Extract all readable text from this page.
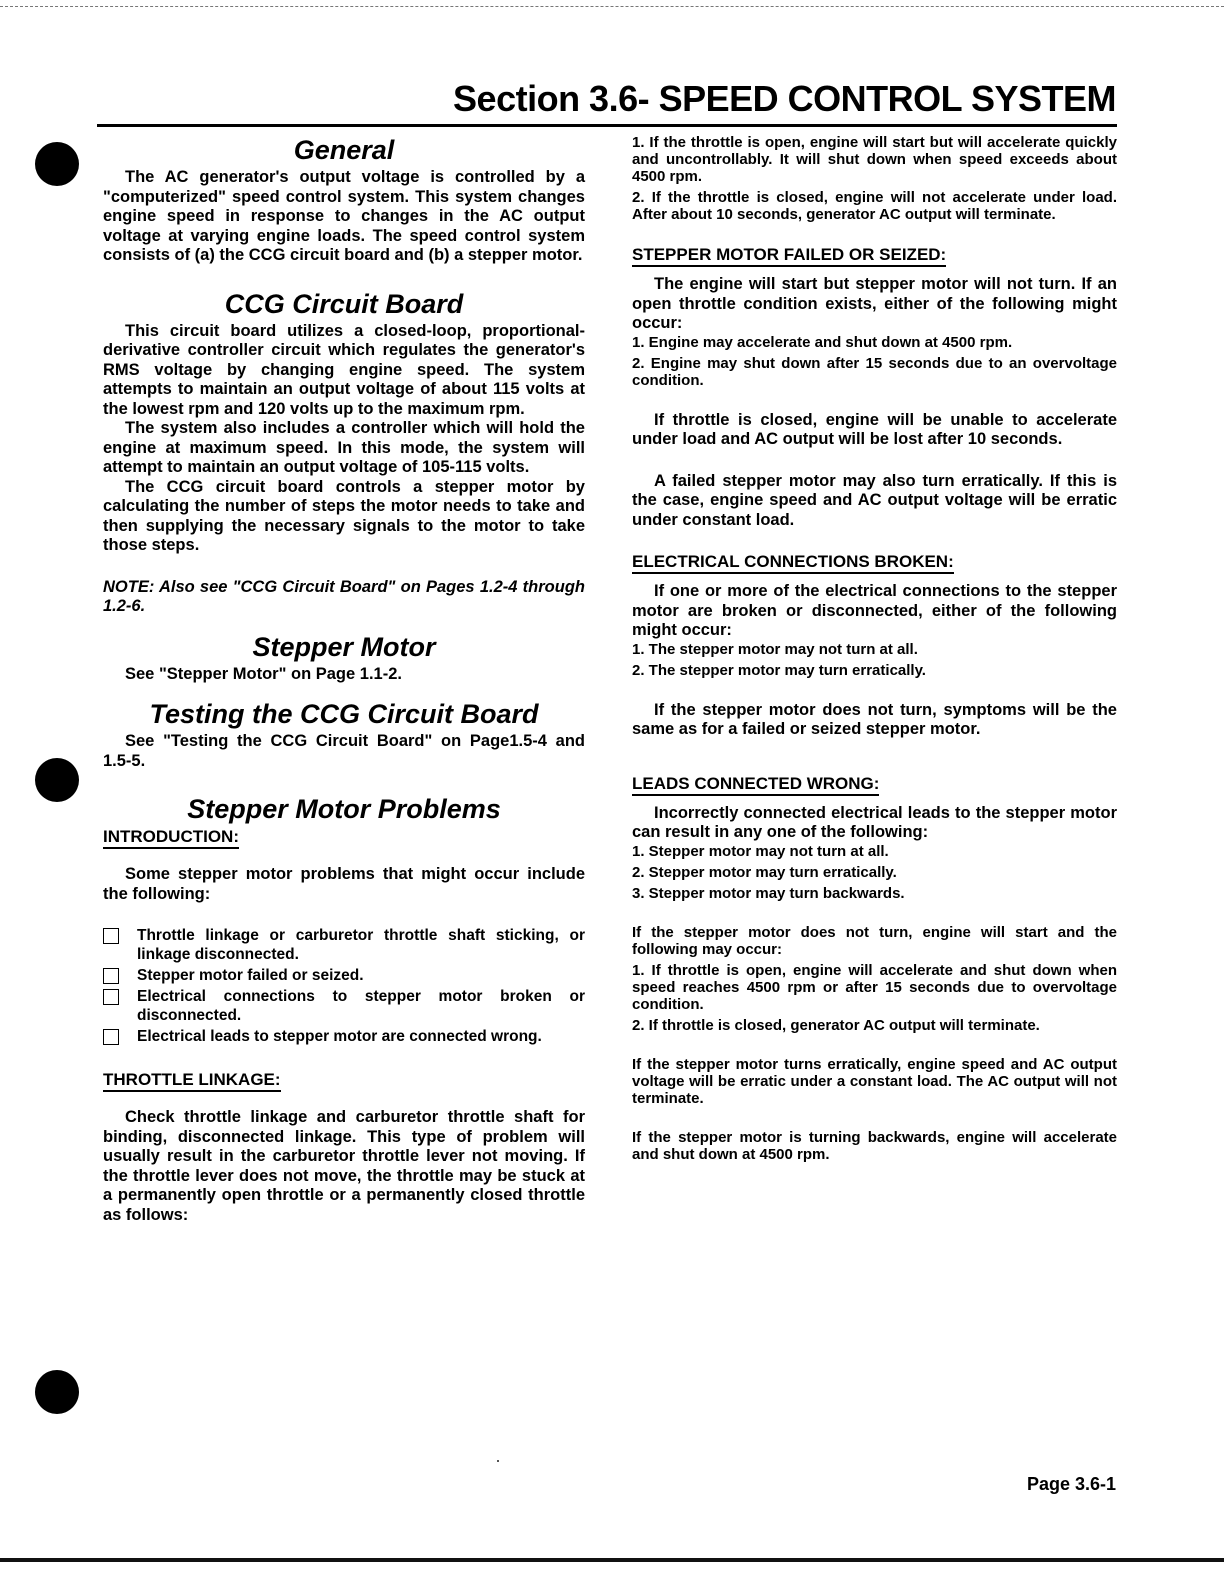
Section 3.6- SPEED CONTROL SYSTEM
General

The AC generator's output voltage is controlled by a "computerized" speed control system. This system changes engine speed in response to changes in the AC output voltage at varying engine loads. The speed control system consists of (a) the CCG circuit board and (b) a stepper motor.

CCG Circuit Board

This circuit board utilizes a closed-loop, proportional-derivative controller circuit which regulates the generator's RMS voltage by changing engine speed. The system attempts to maintain an output voltage of about 115 volts at the lowest rpm and 120 volts up to the maximum rpm.

The system also includes a controller which will hold the engine at maximum speed. In this mode, the system will attempt to maintain an output voltage of 105-115 volts.

The CCG circuit board controls a stepper motor by calculating the number of steps the motor needs to take and then supplying the necessary signals to the motor to take those steps.

NOTE: Also see "CCG Circuit Board" on Pages 1.2-4 through 1.2-6.

Stepper Motor

See "Stepper Motor" on Page 1.1-2.

Testing the CCG Circuit Board

See "Testing the CCG Circuit Board" on Page1.5-4 and 1.5-5.

Stepper Motor Problems
INTRODUCTION:

Some stepper motor problems that might occur include the following:

Throttle linkage or carburetor throttle shaft sticking, or linkage disconnected.
Stepper motor failed or seized.
Electrical connections to stepper motor broken or disconnected.
Electrical leads to stepper motor are connected wrong.
THROTTLE LINKAGE:

Check throttle linkage and carburetor throttle shaft for binding, disconnected linkage. This type of problem will usually result in the carburetor throttle lever not moving. If the throttle lever does not move, the throttle may be stuck at a permanently open throttle or a permanently closed throttle as follows:

1. If the throttle is open, engine will start but will accelerate quickly and uncontrollably. It will shut down when speed exceeds about 4500 rpm.

2. If the throttle is closed, engine will not accelerate under load. After about 10 seconds, generator AC output will terminate.

STEPPER MOTOR FAILED OR SEIZED:

The engine will start but stepper motor will not turn. If an open throttle condition exists, either of the following might occur:

1. Engine may accelerate and shut down at 4500 rpm.

2. Engine may shut down after 15 seconds due to an overvoltage condition.

If throttle is closed, engine will be unable to accelerate under load and AC output will be lost after 10 seconds.

A failed stepper motor may also turn erratically. If this is the case, engine speed and AC output voltage will be erratic under constant load.

ELECTRICAL CONNECTIONS BROKEN:

If one or more of the electrical connections to the stepper motor are broken or disconnected, either of the following might occur:

1. The stepper motor may not turn at all.

2. The stepper motor may turn erratically.

If the stepper motor does not turn, symptoms will be the same as for a failed or seized stepper motor.

LEADS CONNECTED WRONG:

Incorrectly connected electrical leads to the stepper motor can result in any one of the following:

1. Stepper motor may not turn at all.

2. Stepper motor may turn erratically.

3. Stepper motor may turn backwards.

If the stepper motor does not turn, engine will start and the following may occur:

1. If throttle is open, engine will accelerate and shut down when speed reaches 4500 rpm or after 15 seconds due to overvoltage condition.

2. If throttle is closed, generator AC output will terminate.

If the stepper motor turns erratically, engine speed and AC output voltage will be erratic under a constant load. The AC output will not terminate.

If the stepper motor is turning backwards, engine will accelerate and shut down at 4500 rpm.

Page 3.6-1
